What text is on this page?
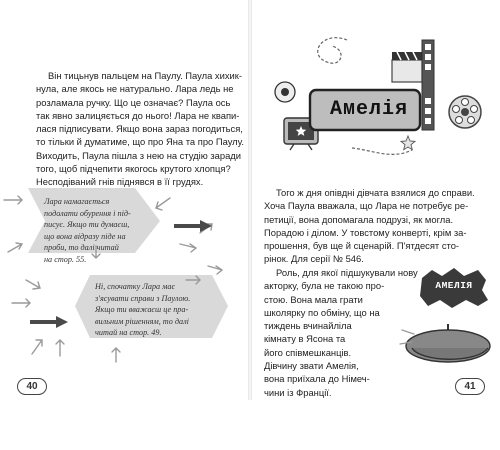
Він тицьнув пальцем на Паулу. Паула хихик-

нула, але якось не натурально. Лара ледь не

розламала ручку. Що це означає? Паула ось

так явно залицяється до нього! Лара не квапи-

лася підписувати. Якщо вона зараз погодиться,

то тільки й думатиме, що про Яна та про Паулу.

Виходить, Паула пішла з нею на студію заради

того, щоб підчепити якогось крутого хлопця?

Несподіваний гнів піднявся в її грудях.

Лара намагається
подолати обурення і під-
писує. Якщо ти думаєш,
що вона відразу піде на
проби, то далі читай
на стор. 55.
Ні, спочатку Лара має
з'ясувати справи з Паулою.
Якщо ти вважаєш це пра-
вильним рішенням, то далі
читай на стор. 49.
40
Амелія

Того ж дня опівдні дівчата взялися до справи.

Хоча Паула вважала, що Лара не потребує ре-

петиції, вона допомагала подрузі, як могла.

Порадою і ділом. У товстому конверті, крім за-

прошення, був ще й сценарій. П'ятдесят сто-

рінок. Для серії № 546.

Роль, для якої підшукували нову

акторку, була не такою про-

стою. Вона мала грати

школярку по обміну, що на

тиждень вчинайліла

кімнату в Ясона та

його співмешканців.

Дівчину звати Амелія,

вона приїхала до Німеч-

чини із Франції.

АМЕЛІЯ
41
